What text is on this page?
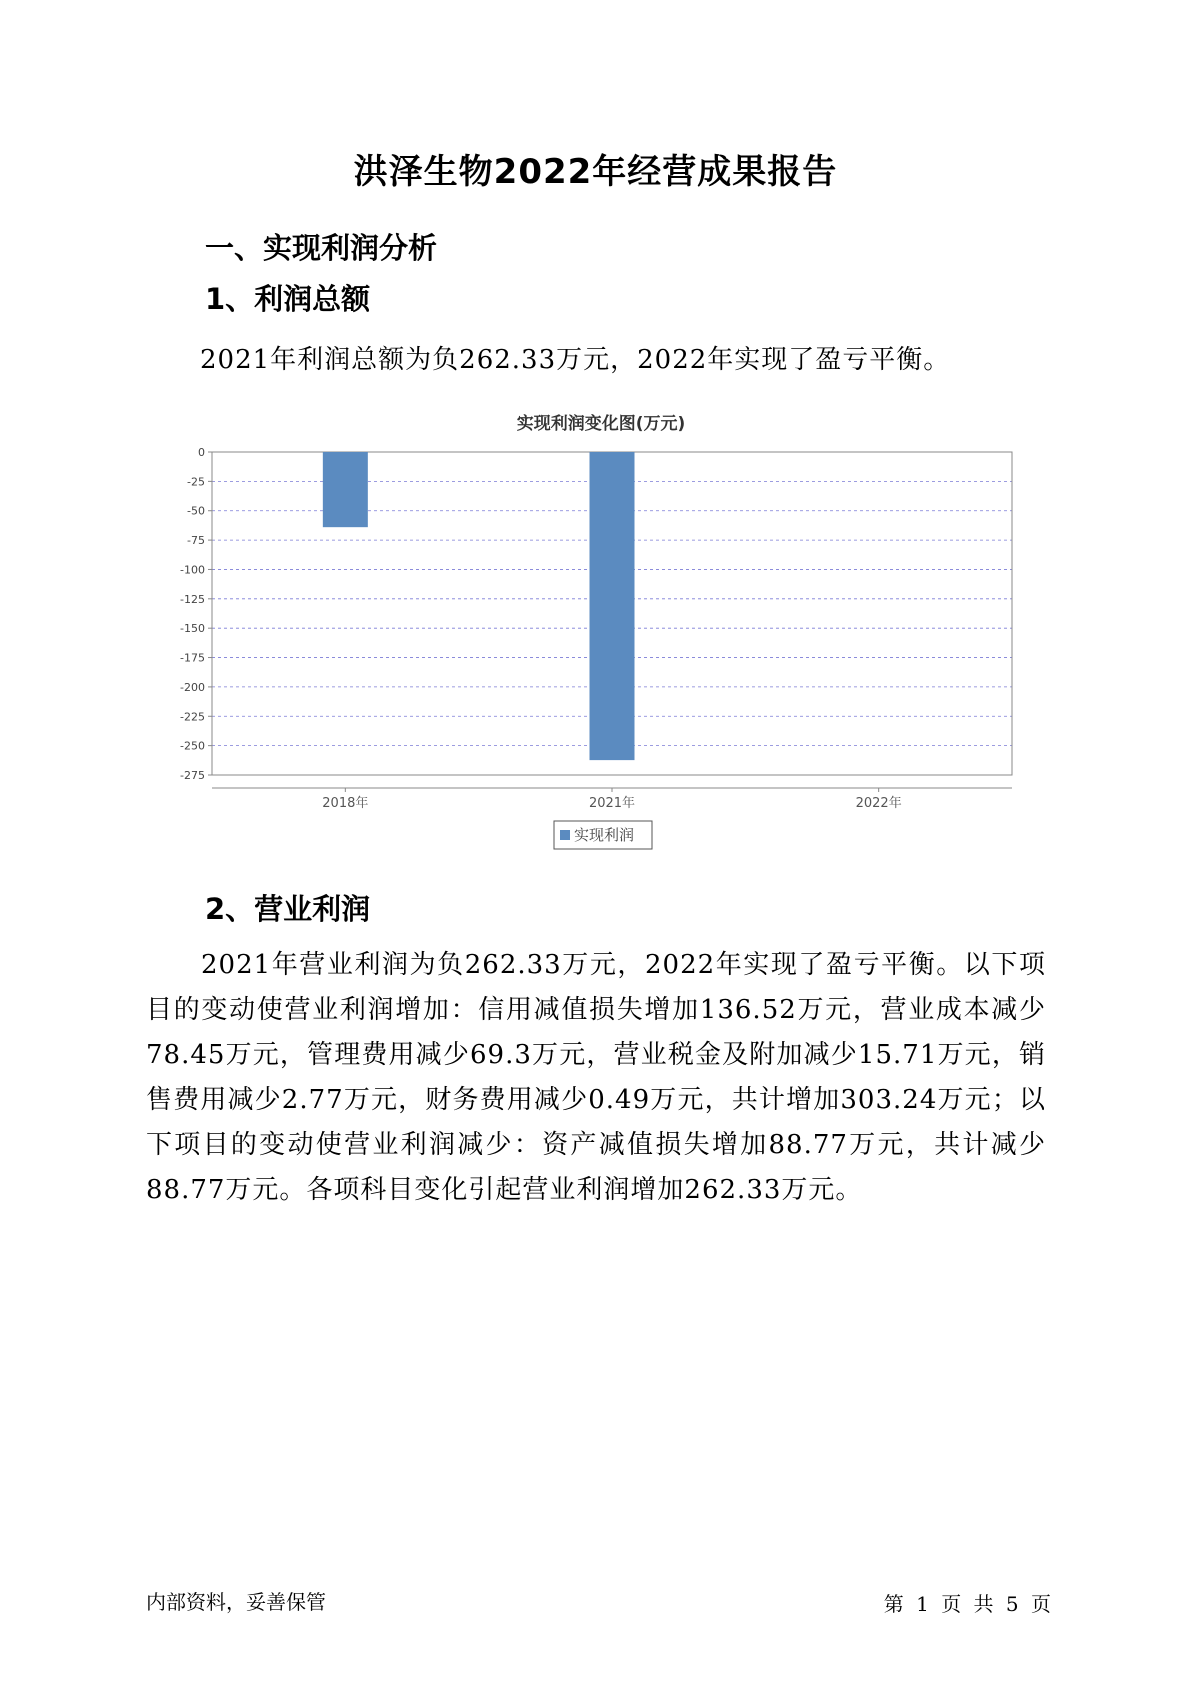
洪泽生物2022年经营成果报告
一、实现利润分析
1、利润总额
2021年利润总额为负262.33万元，2022年实现了盈亏平衡。
实现利润变化图(万元)
0
-25
-50
-75
-100
-125
-150
-175
-200
-225
-250
-275
2018年	2021年	2022年
实现利润
2、营业利润
2021年营业利润为负262.33万元，2022年实现了盈亏平衡。以下项目的变动使营业利润增加：信用减值损失增加136.52万元，营业成本减少78.45万元，管理费用减少69.3万元，营业税金及附加减少15.71万元，销售费用减少2.77万元，财务费用减少0.49万元，共计增加303.24万元；以下项目的变动使营业利润减少：资产减值损失增加88.77万元，共计减少88.77万元。各项科目变化引起营业利润增加262.33万元。
内部资料，妥善保管	第 1 页 共 5 页
